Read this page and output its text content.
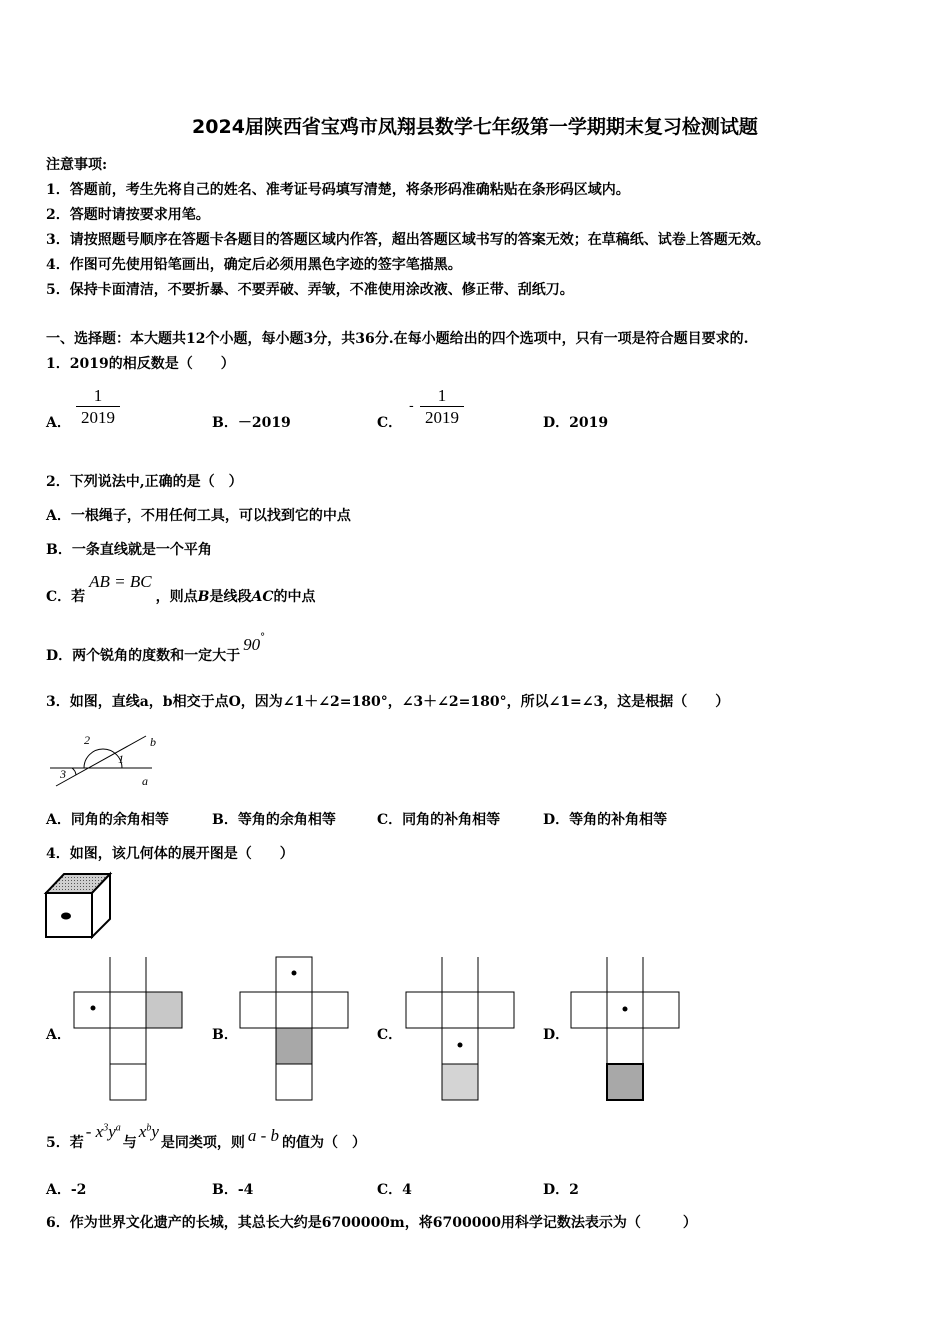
2024届陕西省宝鸡市凤翔县数学七年级第一学期期末复习检测试题
注意事项:
1．答题前，考生先将自己的姓名、准考证号码填写清楚，将条形码准确粘贴在条形码区域内。
2．答题时请按要求用笔。
3．请按照题号顺序在答题卡各题目的答题区域内作答，超出答题区域书写的答案无效；在草稿纸、试卷上答题无效。
4．作图可先使用铅笔画出，确定后必须用黑色字迹的签字笔描黑。
5．保持卡面清洁，不要折暴、不要弄破、弄皱，不准使用涂改液、修正带、刮纸刀。
一、选择题：本大题共12个小题，每小题3分，共36分.在每小题给出的四个选项中，只有一项是符合题目要求的.
1．2019的相反数是（　　）
A．
1
2019	B．－2019	C．
-
1
2019	D．2019
2．下列说法中,正确的是（　）
A．一根绳子，不用任何工具，可以找到它的中点
B．一条直线就是一个平角
C．若AB = BC，则点B是线段AC的中点
D．两个锐角的度数和一定大于90°
3．如图，直线a，b相交于点O，因为∠1＋∠2=180°，∠3＋∠2=180°，所以∠1=∠3，这是根据（　　）
2	b
1
3	a
A．同角的余角相等	B．等角的余角相等	C．同角的补角相等	D．等角的补角相等
4．如图，该几何体的展开图是（　　）
A．	B．	C．	D．
5．若- $x^3y^a$与$x^by$是同类项，则 a - b 的值为（　）
A．-2	B．-4	C．4	D．2
6．作为世界文化遗产的长城，其总长大约是6700000m，将6700000用科学记数法表示为（　　　）
